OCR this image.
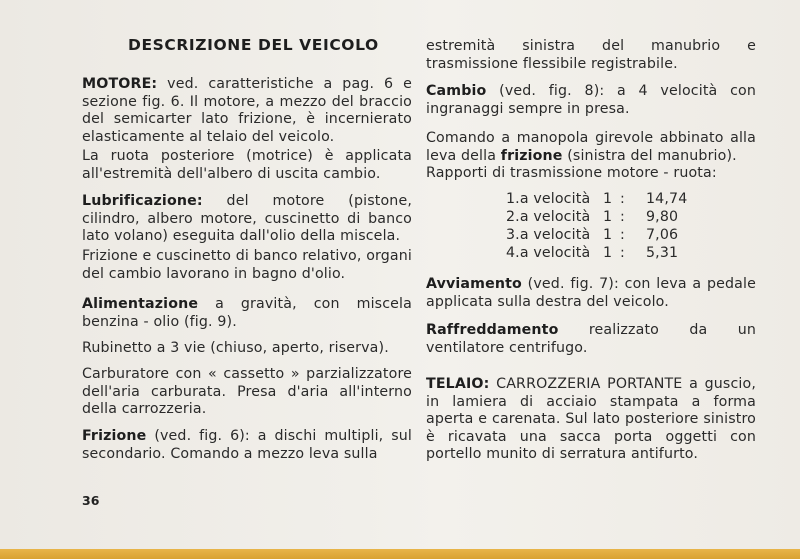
DESCRIZIONE DEL VEICOLO
MOTORE: ved. caratteristiche a pag. 6 e sezione fig. 6. Il motore, a mezzo del braccio del semicarter lato frizione, è incernierato elasticamente al telaio del veicolo.
La ruota posteriore (motrice) è applicata all'estremità dell'albero di uscita cambio.
Lubrificazione: del motore (pistone, cilindro, albero motore, cuscinetto di banco lato volano) eseguita dall'olio della miscela.
Frizione e cuscinetto di banco relativo, organi del cambio lavorano in bagno d'olio.
Alimentazione a gravità, con miscela benzina - olio (fig. 9).
Rubinetto a 3 vie (chiuso, aperto, riserva).
Carburatore con « cassetto » parzializzatore dell'aria carburata. Presa d'aria all'interno della carrozzeria.
Frizione (ved. fig. 6): a dischi multipli, sul secondario. Comando a mezzo leva sulla
estremità sinistra del manubrio e trasmissione flessibile registrabile.
Cambio (ved. fig. 8): a 4 velocità con ingranaggi sempre in presa.
Comando a manopola girevole abbinato alla leva della frizione (sinistra del manubrio).
Rapporti di trasmissione motore - ruota:
1.a velocità 1 : 14,74
2.a velocità 1 : 9,80
3.a velocità 1 : 7,06
4.a velocità 1 : 5,31
Avviamento (ved. fig. 7): con leva a pedale applicata sulla destra del veicolo.
Raffreddamento realizzato da un ventilatore centrifugo.
TELAIO: CARROZZERIA PORTANTE a guscio, in lamiera di acciaio stampata a forma aperta e carenata. Sul lato posteriore sinistro è ricavata una sacca porta oggetti con portello munito di serratura antifurto.
36
